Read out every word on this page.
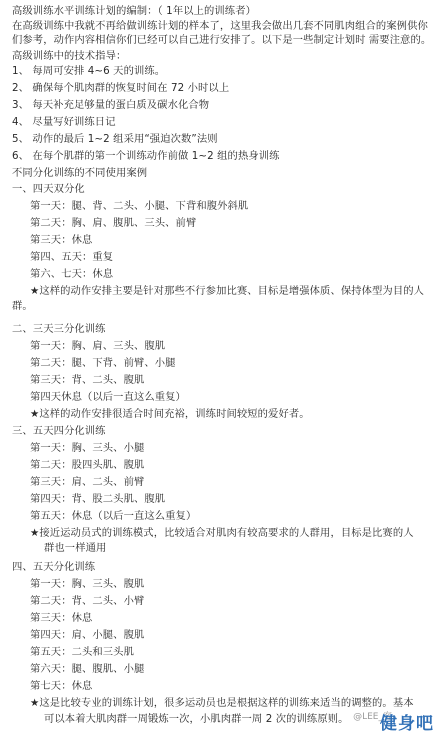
高级训练水平训练计划的编制：（ 1年以上的训练者）
在高级训练中我就不再给做训练计划的样本了，这里我会做出几套不同肌肉组合的案例供你们参考，动作内容相信你们已经可以自己进行安排了。以下是一些制定计划时 需要注意的。
高级训练中的技术指导：
1、 每周可安排 4~6 天的训练。
2、 确保每个肌肉群的恢复时间在 72 小时以上
3、 每天补充足够量的蛋白质及碳水化合物
4、 尽量写好训练日记
5、 动作的最后 1~2 组采用“强迫次数”法则
6、 在每个肌群的第一个训练动作前做 1~2 组的热身训练
不同分化训练的不同使用案例
一、四天双分化
第一天：腿、背、二头、小腿、下背和腹外斜肌
第二天：胸、肩、腹肌、三头、前臂
第三天：休息
第四、五天：重复
第六、七天：休息
★这样的动作安排主要是针对那些不行参加比赛、目标是增强体质、保持体型为目的人
群。
二、三天三分化训练
第一天：胸、肩、三头、腹肌
第二天：腿、下背、前臂、小腿
第三天：背、二头、腹肌
第四天休息（以后一直这么重复）
★这样的动作安排很适合时间充裕，训练时间较短的爱好者。
三、五天四分化训练
第一天：胸、三头、小腿
第二天：股四头肌、腹肌
第三天：肩、二头、前臂
第四天：背、股二头肌、腹肌
第五天：休息（以后一直这么重复）
★接近运动员式的训练模式，比较适合对肌肉有较高要求的人群用，目标是比赛的人
群也一样通用
四、五天分化训练
第一天：胸、三头、腹肌
第二天：背、二头、小臂
第三天：休息
第四天：肩、小腿、腹肌
第五天：二头和三头肌
第六天：腿、腹肌、小腿
第七天：休息
★这是比较专业的训练计划，很多运动员也是根据这样的训练来适当的调整的。基本
可以本着大肌肉群一周锻炼一次，小肌肉群一周 2 次的训练原则。 @LEE_客
健身吧
